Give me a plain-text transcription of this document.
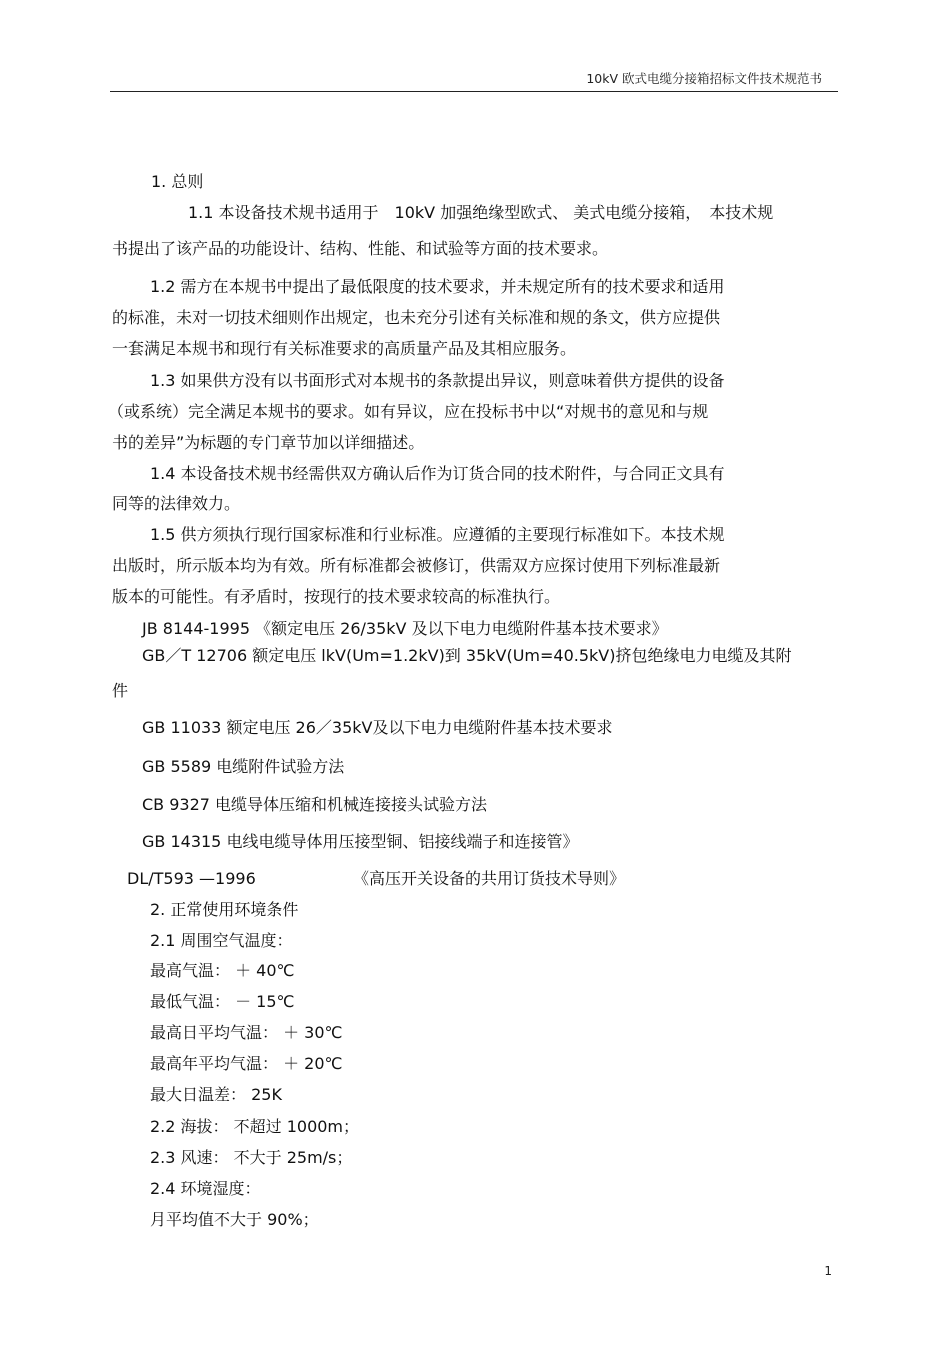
10kV 欧式电缆分接箱招标文件技术规范书
1. 总则
1.1 本设备技术规书适用于　10kV 加强绝缘型欧式、 美式电缆分接箱，　本技术规
书提出了该产品的功能设计、结构、性能、和试验等方面的技术要求。
1.2 需方在本规书中提出了最低限度的技术要求，并未规定所有的技术要求和适用
的标准，未对一切技术细则作出规定，也未充分引述有关标准和规的条文，供方应提供
一套满足本规书和现行有关标准要求的高质量产品及其相应服务。
1.3 如果供方没有以书面形式对本规书的条款提出异议，则意味着供方提供的设备
（或系统）完全满足本规书的要求。如有异议，应在投标书中以“对规书的意见和与规
书的差异”为标题的专门章节加以详细描述。
1.4 本设备技术规书经需供双方确认后作为订货合同的技术附件，与合同正文具有
同等的法律效力。
1.5 供方须执行现行国家标准和行业标准。应遵循的主要现行标准如下。本技术规
出版时，所示版本均为有效。所有标准都会被修订，供需双方应探讨使用下列标准最新
版本的可能性。有矛盾时，按现行的技术要求较高的标准执行。
JB 8144-1995 《额定电压 26/35kV 及以下电力电缆附件基本技术要求》
GB／T 12706 额定电压 lkV(Um=1.2kV)到 35kV(Um=40.5kV)挤包绝缘电力电缆及其附
件
GB 11033 额定电压 26／35kV及以下电力电缆附件基本技术要求
GB 5589 电缆附件试验方法
CB 9327 电缆导体压缩和机械连接接头试验方法
GB 14315 电线电缆导体用压接型铜、铝接线端子和连接管》
DL/T593 —1996	《高压开关设备的共用订货技术导则》
2. 正常使用环境条件
2.1 周围空气温度：
最高气温： ＋ 40℃
最低气温： － 15℃
最高日平均气温： ＋ 30℃
最高年平均气温： ＋ 20℃
最大日温差： 25K
2.2 海拔： 不超过 1000m；
2.3 风速： 不大于 25m/s；
2.4 环境湿度：
月平均值不大于 90%；
1
